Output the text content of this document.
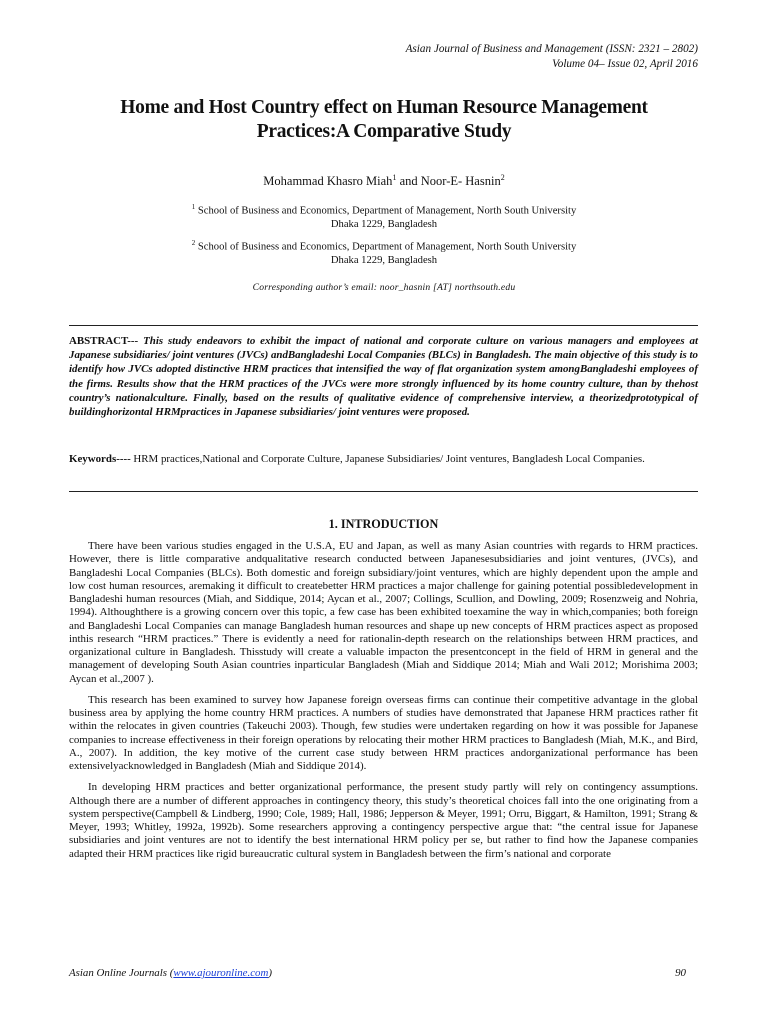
Asian Journal of Business and Management (ISSN: 2321 – 2802)
Volume 04– Issue 02, April 2016
Home and Host Country effect on Human Resource Management
Practices:A Comparative Study
Mohammad Khasro Miah$^1$ and Noor-E- Hasnin$^2$
$^1$ School of Business and Economics, Department of Management, North South University
Dhaka 1229, Bangladesh
$^2$ School of Business and Economics, Department of Management, North South University
Dhaka 1229, Bangladesh
Corresponding author’s email: noor_hasnin [AT] northsouth.edu
ABSTRACT--- This study endeavors to exhibit the impact of national and corporate culture on various managers and employees at Japanese subsidiaries/ joint ventures (JVCs) andBangladeshi Local Companies (BLCs) in Bangladesh. The main objective of this study is to identify how JVCs adopted distinctive HRM practices that intensified the way of flat organization system amongBangladeshi employees of the firms. Results show that the HRM practices of the JVCs were more strongly influenced by its home country culture, than by thehost country’s nationalculture. Finally, based on the results of qualitative evidence of comprehensive interview, a theorizedprototypical of buildinghorizontal HRMpractices in Japanese subsidiaries/ joint ventures were proposed.
Keywords---- HRM practices,National and Corporate Culture, Japanese Subsidiaries/ Joint ventures, Bangladesh Local Companies.
1. INTRODUCTION

There have been various studies engaged in the U.S.A, EU and Japan, as well as many Asian countries with regards to HRM practices. However, there is little comparative andqualitative research conducted between Japanesesubsidiaries and joint ventures, (JVCs), and Bangladeshi Local Companies (BLCs). Both domestic and foreign subsidiary/joint ventures, which are highly dependent upon the ample and low cost human resources, aremaking it difficult to createbetter HRM practices a major challenge for gaining potential possibledevelopment in Bangladeshi human resources (Miah, and Siddique, 2014; Aycan et al., 2007; Collings, Scullion, and Dowling, 2009; Rosenzweig and Nohria, 1994). Althoughthere is a growing concern over this topic, a few case has been exhibited toexamine the way in which,companies; both foreign and Bangladeshi Local Companies can manage Bangladesh human resources and shape up new concepts of HRM practices aspect as proposed inthis research “HRM practices.” There is evidently a need for rationalin-depth research on the relationships between HRM practices, and organizational culture in Bangladesh. Thisstudy will create a valuable impacton the presentconcept in the field of HRM in general and the management of developing South Asian countries inparticular Bangladesh (Miah and Siddique 2014; Miah and Wali 2012; Morishima 2003; Aycan et al.,2007 ).

This research has been examined to survey how Japanese foreign overseas firms can continue their competitive advantage in the global business area by applying the home country HRM practices. A numbers of studies have demonstrated that Japanese HRM practices rather fit within the relocates in given countries (Takeuchi 2003). Though, few studies were undertaken regarding on how it was possible for Japanese companies to increase effectiveness in their foreign operations by relocating their mother HRM practices to Bangladesh (Miah, M.K., and Bird, A., 2007). In addition, the key motive of the current case study between HRM practices andorganizational performance has been extensivelyacknowledged in Bangladesh (Miah and Siddique 2014).

In developing HRM practices and better organizational performance, the present study partly will rely on contingency assumptions. Although there are a number of different approaches in contingency theory, this study’s theoretical choices fall into the one originating from a system perspective(Campbell & Lindberg, 1990; Cole, 1989; Hall, 1986; Jepperson & Meyer, 1991; Orru, Biggart, & Hamilton, 1991; Strang & Meyer, 1993; Whitley, 1992a, 1992b). Some researchers approving a contingency perspective argue that: “the central issue for Japanese subsidiaries and joint ventures are not to identify the best international HRM policy per se, but rather to find how the Japanese companies adapted their HRM practices like rigid bureaucratic cultural system in Bangladesh between the firm’s national and corporate

Asian Online Journals (www.ajouronline.com)	90
